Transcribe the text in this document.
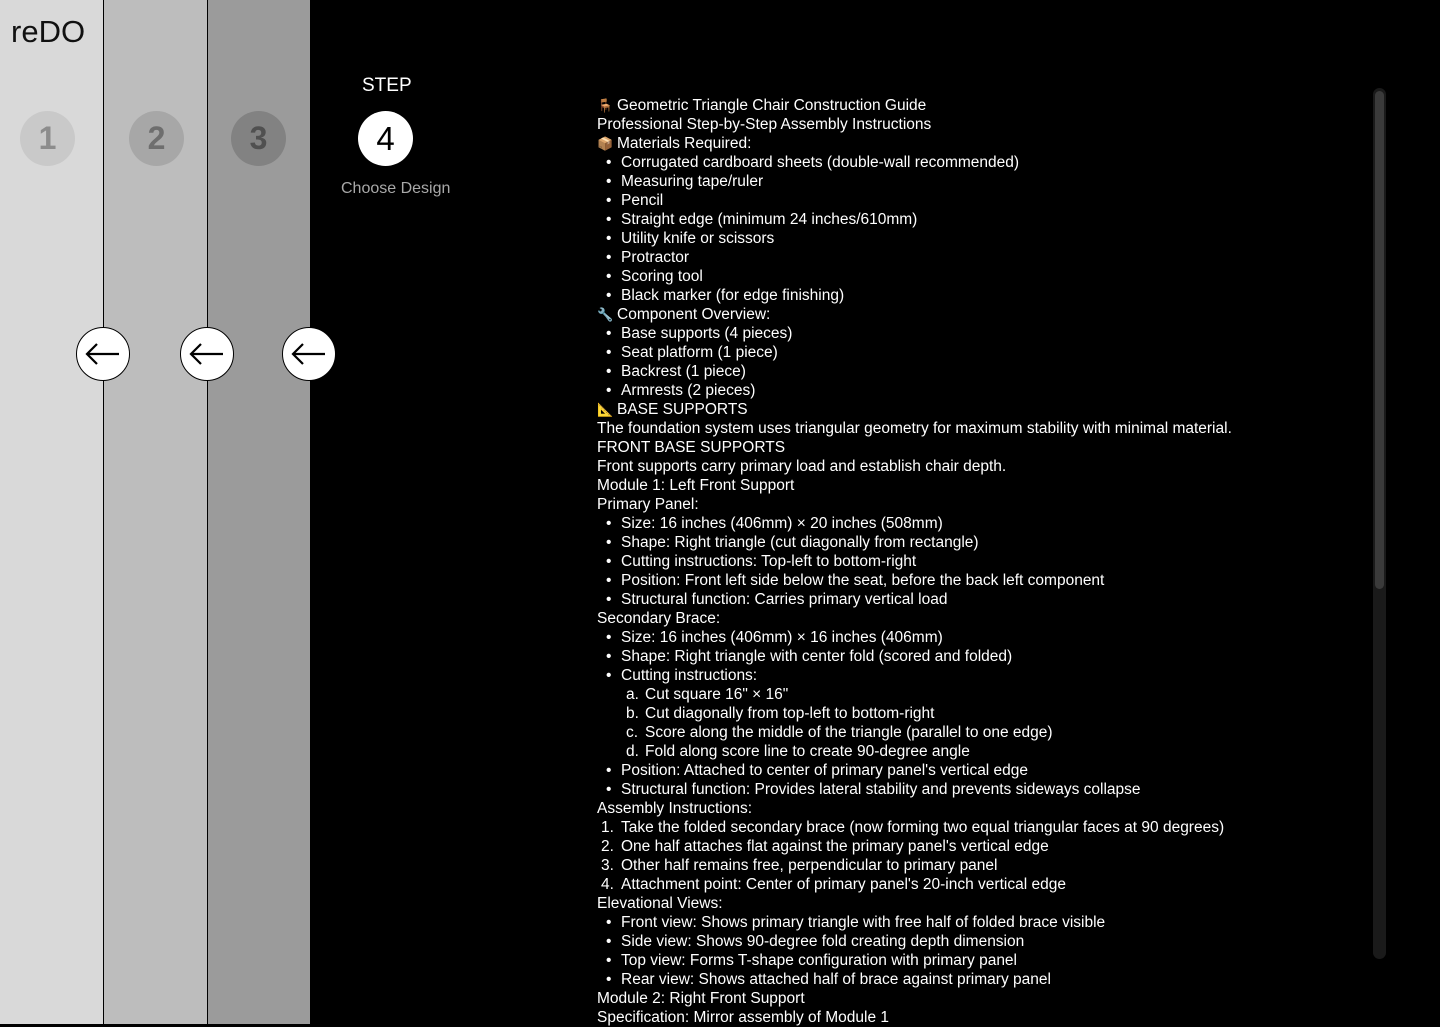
reDO
1	2	3
STEP
4
Choose Design
🪑 Geometric Triangle Chair Construction Guide
Professional Step-by-Step Assembly Instructions
📦 Materials Required:
• Corrugated cardboard sheets (double-wall recommended)
• Measuring tape/ruler
• Pencil
• Straight edge (minimum 24 inches/610mm)
• Utility knife or scissors
• Protractor
• Scoring tool
• Black marker (for edge finishing)
🔧 Component Overview:
• Base supports (4 pieces)
• Seat platform (1 piece)
• Backrest (1 piece)
• Armrests (2 pieces)
📐 BASE SUPPORTS
The foundation system uses triangular geometry for maximum stability with minimal material.
FRONT BASE SUPPORTS
Front supports carry primary load and establish chair depth.
Module 1: Left Front Support
Primary Panel:
• Size: 16 inches (406mm) × 20 inches (508mm)
• Shape: Right triangle (cut diagonally from rectangle)
• Cutting instructions: Top-left to bottom-right
• Position: Front left side below the seat, before the back left component
• Structural function: Carries primary vertical load
Secondary Brace:
• Size: 16 inches (406mm) × 16 inches (406mm)
• Shape: Right triangle with center fold (scored and folded)
• Cutting instructions:
a. Cut square 16" × 16"
b. Cut diagonally from top-left to bottom-right
c. Score along the middle of the triangle (parallel to one edge)
d. Fold along score line to create 90-degree angle
• Position: Attached to center of primary panel's vertical edge
• Structural function: Provides lateral stability and prevents sideways collapse
Assembly Instructions:
1. Take the folded secondary brace (now forming two equal triangular faces at 90 degrees)
2. One half attaches flat against the primary panel's vertical edge
3. Other half remains free, perpendicular to primary panel
4. Attachment point: Center of primary panel's 20-inch vertical edge
Elevational Views:
• Front view: Shows primary triangle with free half of folded brace visible
• Side view: Shows 90-degree fold creating depth dimension
• Top view: Forms T-shape configuration with primary panel
• Rear view: Shows attached half of brace against primary panel
Module 2: Right Front Support
Specification: Mirror assembly of Module 1
